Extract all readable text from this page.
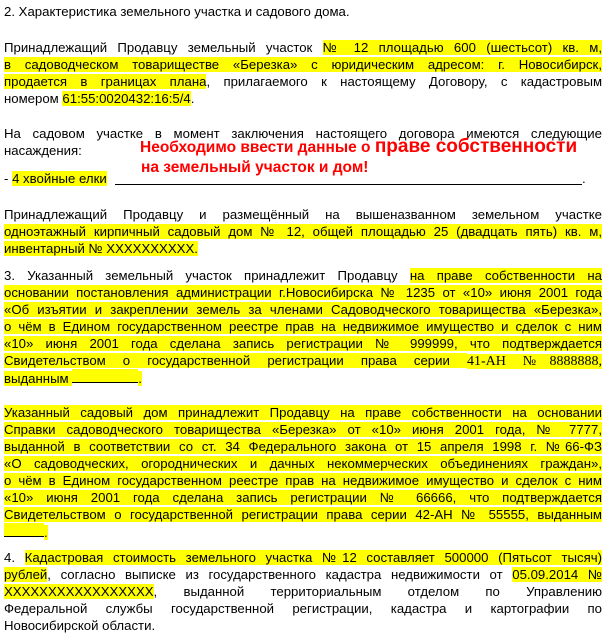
2. Характеристика земельного участка и садового дома.
Принадлежащий Продавцу земельный участок № 12 площадью 600 (шестьсот) кв. м,
в садоводческом товариществе «Березка» с юридическим адресом: г. Новосибирск,
продается в границах плана, прилагаемого к настоящему Договору, с кадастровым
номером 61:55:0020432:16:5/4.
На садовом участке в момент заключения настоящего договора имеются следующие
насаждения:
- 4 хвойные елки	.
Принадлежащий Продавцу и размещённый на вышеназванном земельном участке
одноэтажный кирпичный садовый дом № 12, общей площадью 25 (двадцать пять) кв. м,
инвентарный № XXXXXXXXXX.
3. Указанный земельный участок принадлежит Продавцу на праве собственности на
основании постановления администрации г.Новосибирска № 1235 от «10» июня 2001 года
«Об изъятии и закреплении земель за членами Садоводческого товарищества «Березка»,
о чём в Едином государственном реестре прав на недвижимое имущество и сделок с ним
«10» июня 2001 года сделана запись регистрации № 999999, что подтверждается
Свидетельством о государственной регистрации права серии 41-АН №8888888,
выданным	.
Указанный садовый дом принадлежит Продавцу на праве собственности на основании
Справки садоводческого товарищества «Березка» от «10» июня 2001 года, № 7777,
выданной в соответствии со ст. 34 Федерального закона от 15 апреля 1998 г. №66-ФЗ
«О садоводческих, огороднических и дачных некоммерческих объединениях граждан»,
о чём в Едином государственном реестре прав на недвижимое имущество и сделок с ним
«10» июня 2001 года сделана запись регистрации № 66666, что подтверждается
Свидетельством о государственной регистрации права серии 42-АН № 55555, выданным
.
4. Кадастровая стоимость земельного участка №12 составляет 500000 (Пятьсот тысяч)
рублей, согласно выписке из государственного кадастра недвижимости от 05.09.2014 №
XXXXXXXXXXXXXXXXX, выданной территориальным отделом по Управлению
Федеральной службы государственной регистрации, кадастра и картографии по
Новосибирской области.
Необходимо ввести данные о праве собственности
на земельный участок и дом!
